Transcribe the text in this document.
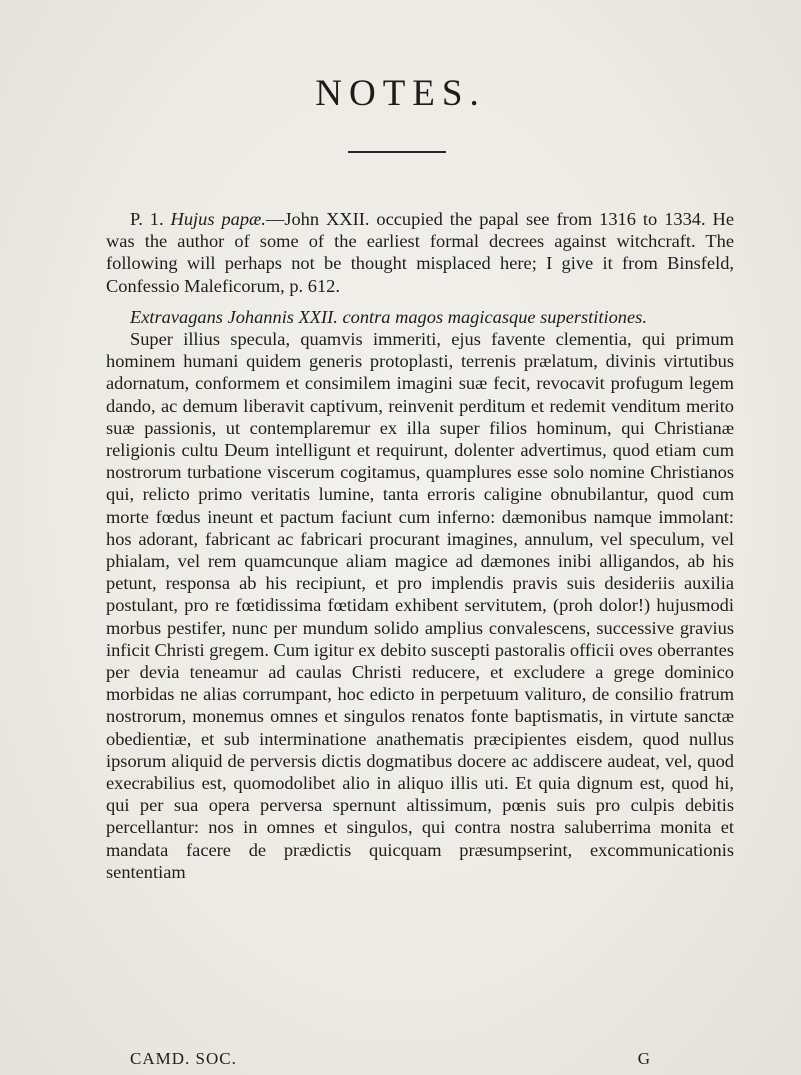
NOTES.

P. 1. Hujus papæ.—John XXII. occupied the papal see from 1316 to 1334. He was the author of some of the earliest formal decrees against witchcraft. The following will perhaps not be thought misplaced here; I give it from Binsfeld, Confessio Maleficorum, p. 612.

Extravagans Johannis XXII. contra magos magicasque superstitiones.

Super illius specula, quamvis immeriti, ejus favente clementia, qui primum hominem humani quidem generis protoplasti, terrenis prælatum, divinis virtutibus adornatum, conformem et consimilem imagini suæ fecit, revocavit profugum legem dando, ac demum liberavit captivum, reinvenit perditum et redemit venditum merito suæ passionis, ut contemplaremur ex illa super filios hominum, qui Christianæ religionis cultu Deum intelligunt et requirunt, dolenter advertimus, quod etiam cum nostrorum turbatione viscerum cogitamus, quamplures esse solo nomine Christianos qui, relicto primo veritatis lumine, tanta erroris caligine obnubilantur, quod cum morte fœdus ineunt et pactum faciunt cum inferno: dæmonibus namque immolant: hos adorant, fabricant ac fabricari procurant imagines, annulum, vel speculum, vel phialam, vel rem quamcunque aliam magice ad dæmones inibi alligandos, ab his petunt, responsa ab his recipiunt, et pro implendis pravis suis desideriis auxilia postulant, pro re fœtidissima fœtidam exhibent servitutem, (proh dolor!) hujusmodi morbus pestifer, nunc per mundum solido amplius convalescens, successive gravius inficit Christi gregem. Cum igitur ex debito suscepti pastoralis officii oves oberrantes per devia teneamur ad caulas Christi reducere, et excludere a grege dominico morbidas ne alias corrumpant, hoc edicto in perpetuum valituro, de consilio fratrum nostrorum, monemus omnes et singulos renatos fonte baptismatis, in virtute sanctæ obedientiæ, et sub interminatione anathematis præcipientes eisdem, quod nullus ipsorum aliquid de perversis dictis dogmatibus docere ac addiscere audeat, vel, quod execrabilius est, quomodolibet alio in aliquo illis uti. Et quia dignum est, quod hi, qui per sua opera perversa spernunt altissimum, pœnis suis pro culpis debitis percellantur: nos in omnes et singulos, qui contra nostra saluberrima monita et mandata facere de prædictis quicquam præsumpserint, excommunicationis sententiam

CAMD. SOC.	G
